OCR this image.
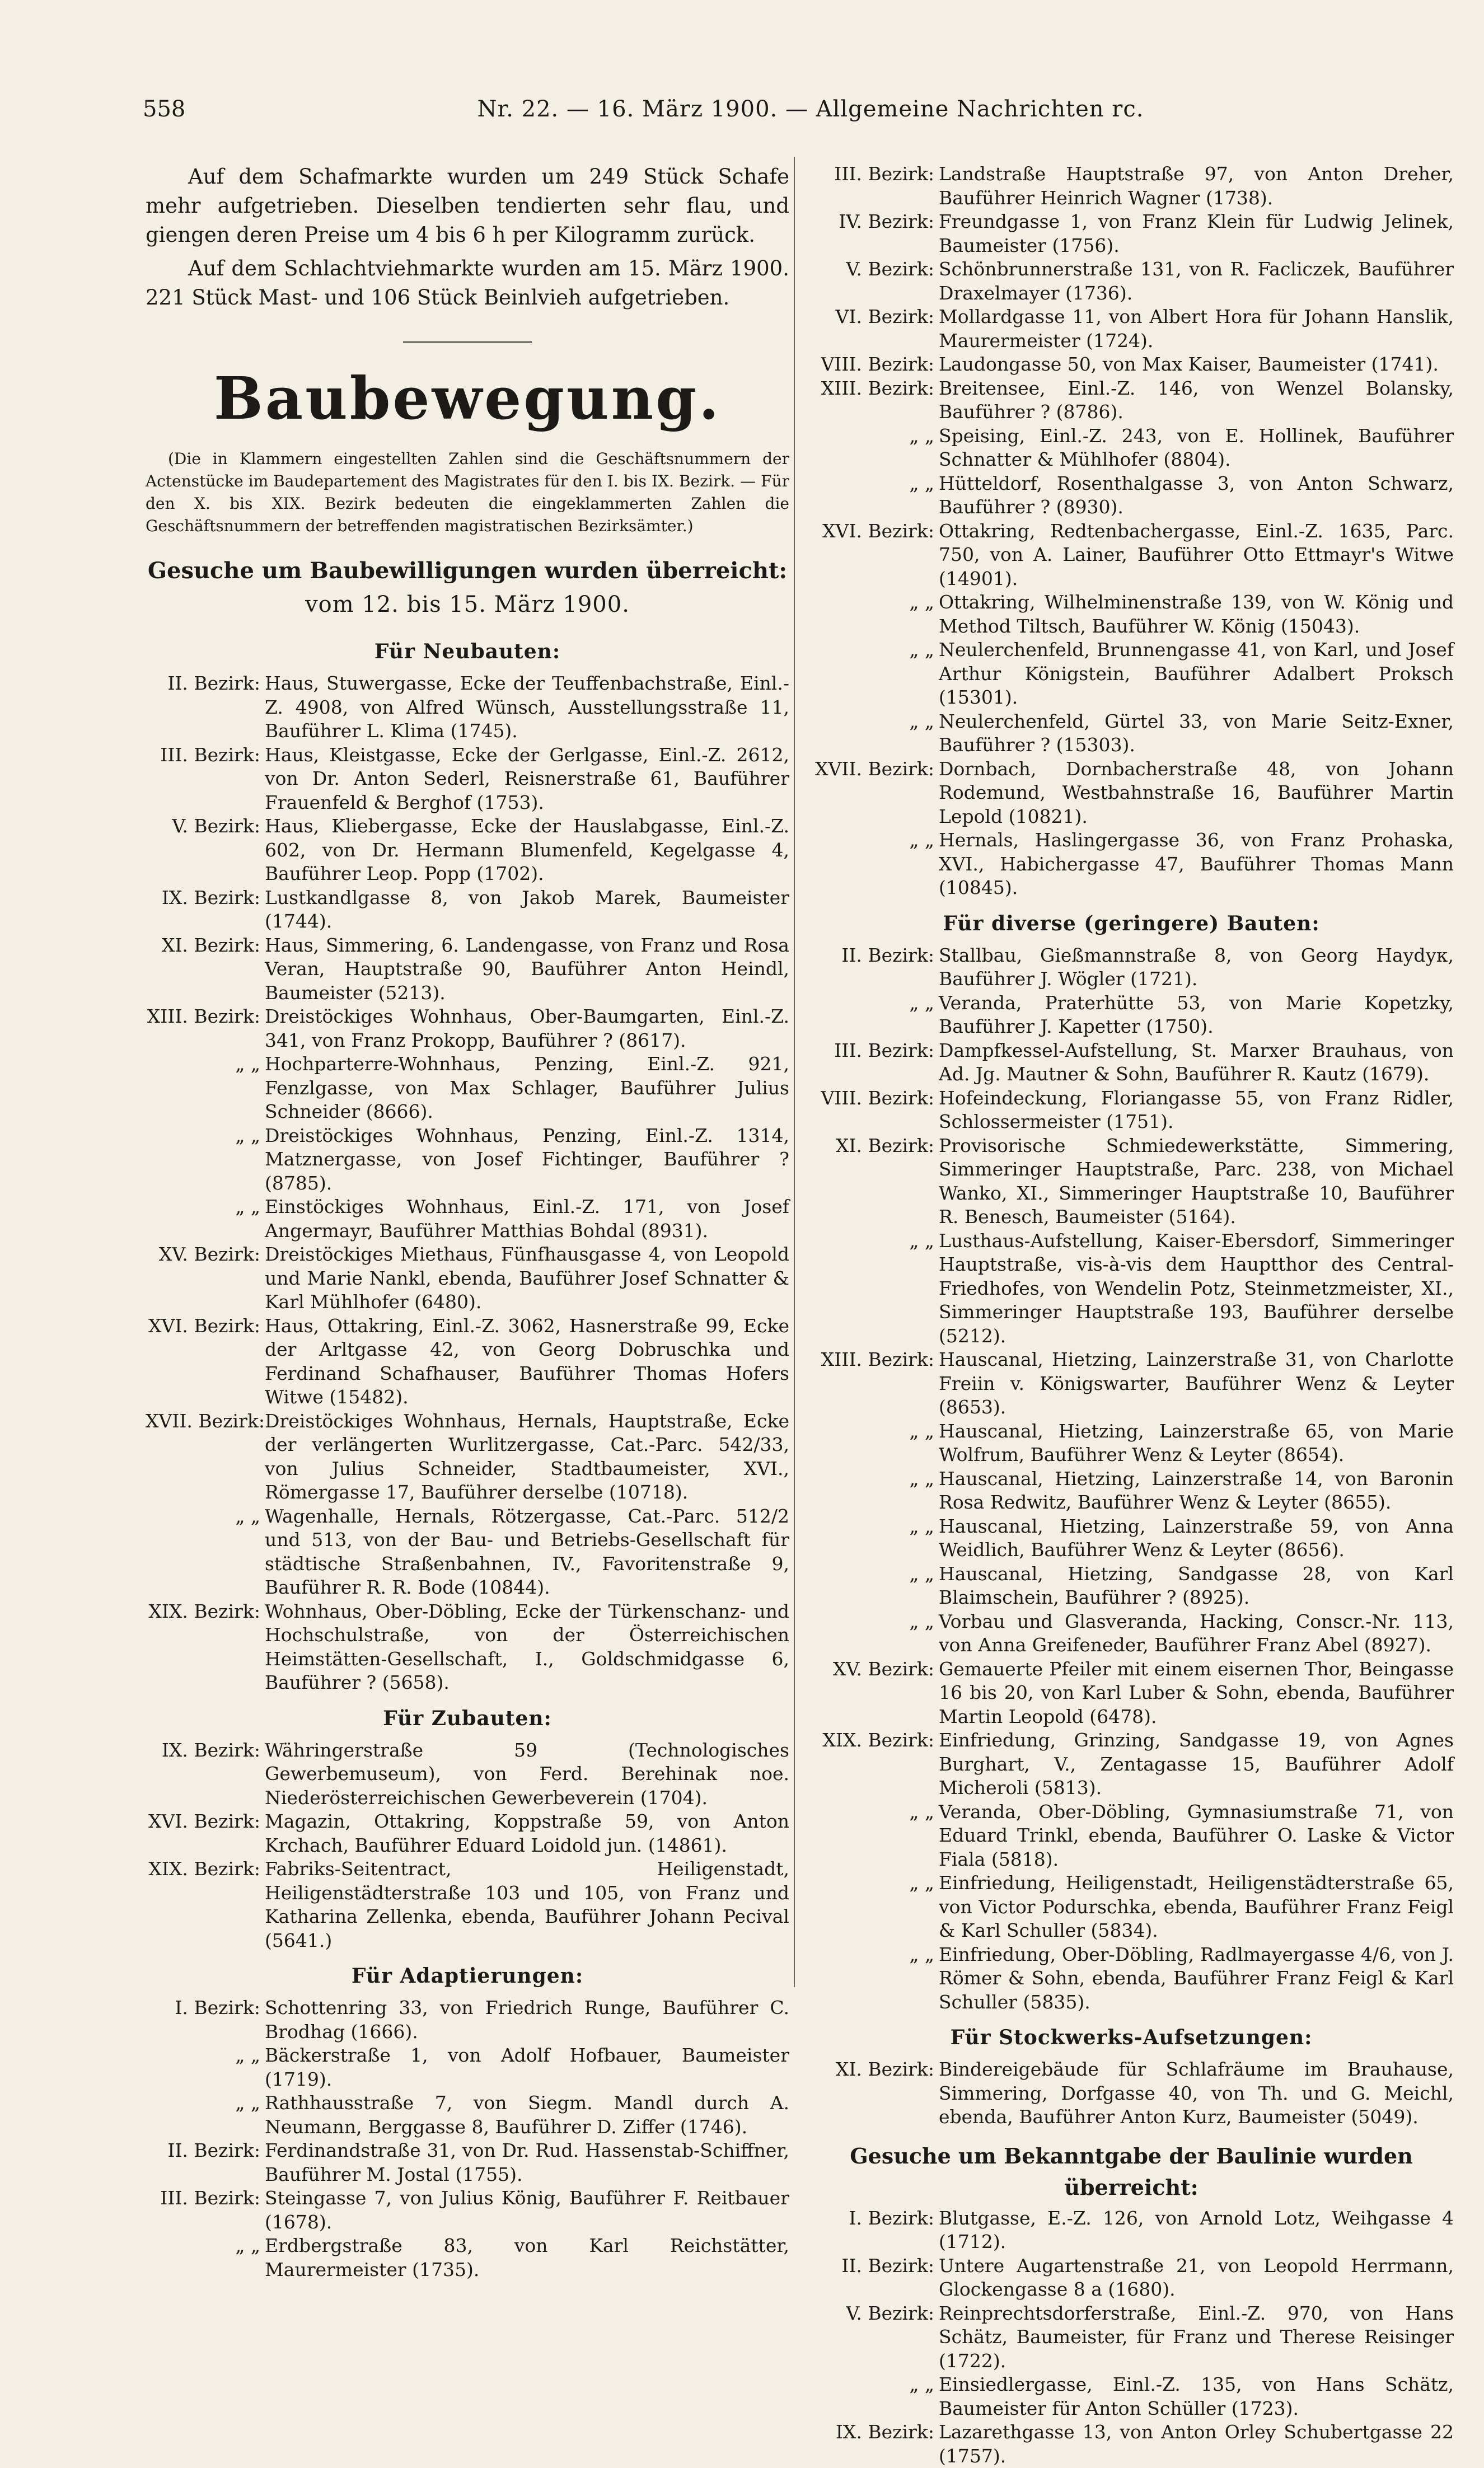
558	Nr. 22. — 16. März 1900. — Allgemeine Nachrichten rc.

Auf dem Schafmarkte wurden um 249 Stück Schafe mehr aufgetrieben. Dieselben tendierten sehr flau, und giengen deren Preise um 4 bis 6 h per Kilogramm zurück.

Auf dem Schlachtviehmarkte wurden am 15. März 1900. 221 Stück Mast- und 106 Stück Beinlvieh aufgetrieben.

Baubewegung.

(Die in Klammern eingestellten Zahlen sind die Geschäftsnummern der Actenstücke im Baudepartement des Magistrates für den I. bis IX. Bezirk. — Für den X. bis XIX. Bezirk bedeuten die eingeklammerten Zahlen die Geschäftsnummern der betreffenden magistratischen Bezirksämter.)

Gesuche um Baubewilligungen wurden überreicht:
vom 12. bis 15. März 1900.
Für Neubauten:
II. Bezirk: Haus, Stuwergasse, Ecke der Teuffenbachstraße, Einl.-Z. 4908, von Alfred Wünsch, Ausstellungsstraße 11, Bauführer L. Klima (1745).
III. Bezirk: Haus, Kleistgasse, Ecke der Gerlgasse, Einl.-Z. 2612, von Dr. Anton Sederl, Reisnerstraße 61, Bauführer Frauenfeld & Berghof (1753).
V. Bezirk: Haus, Kliebergasse, Ecke der Hauslabgasse, Einl.-Z. 602, von Dr. Hermann Blumenfeld, Kegelgasse 4, Bauführer Leop. Popp (1702).
IX. Bezirk: Lustkandlgasse 8, von Jakob Marek, Baumeister (1744).
XI. Bezirk: Haus, Simmering, 6. Landengasse, von Franz und Rosa Veran, Hauptstraße 90, Bauführer Anton Heindl, Baumeister (5213).
XIII. Bezirk: Dreistöckiges Wohnhaus, Ober-Baumgarten, Einl.-Z. 341, von Franz Prokopp, Bauführer ? (8617).
„ „ Hochparterre-Wohnhaus, Penzing, Einl.-Z. 921, Fenzlgasse, von Max Schlager, Bauführer Julius Schneider (8666).
„ „ Dreistöckiges Wohnhaus, Penzing, Einl.-Z. 1314, Matznergasse, von Josef Fichtinger, Bauführer ? (8785).
„ „ Einstöckiges Wohnhaus, Einl.-Z. 171, von Josef Angermayr, Bauführer Matthias Bohdal (8931).
XV. Bezirk: Dreistöckiges Miethaus, Fünfhausgasse 4, von Leopold und Marie Nankl, ebenda, Bauführer Josef Schnatter & Karl Mühlhofer (6480).
XVI. Bezirk: Haus, Ottakring, Einl.-Z. 3062, Hasnerstraße 99, Ecke der Arltgasse 42, von Georg Dobruschka und Ferdinand Schafhauser, Bauführer Thomas Hofers Witwe (15482).
XVII. Bezirk: Dreistöckiges Wohnhaus, Hernals, Hauptstraße, Ecke der verlängerten Wurlitzergasse, Cat.-Parc. 542/33, von Julius Schneider, Stadtbaumeister, XVI., Römergasse 17, Bauführer derselbe (10718).
„ „ Wagenhalle, Hernals, Rötzergasse, Cat.-Parc. 512/2 und 513, von der Bau- und Betriebs-Gesellschaft für städtische Straßenbahnen, IV., Favoritenstraße 9, Bauführer R. R. Bode (10844).
XIX. Bezirk: Wohnhaus, Ober-Döbling, Ecke der Türkenschanz- und Hochschulstraße, von der Österreichischen Heimstätten-Gesellschaft, I., Goldschmidgasse 6, Bauführer ? (5658).
Für Zubauten:
IX. Bezirk: Währingerstraße 59 (Technologisches Gewerbemuseum), von Ferd. Berehinak noe. Niederösterreichischen Gewerbeverein (1704).
XVI. Bezirk: Magazin, Ottakring, Koppstraße 59, von Anton Krchach, Bauführer Eduard Loidold jun. (14861).
XIX. Bezirk: Fabriks-Seitentract, Heiligenstadt, Heiligenstädterstraße 103 und 105, von Franz und Katharina Zellenka, ebenda, Bauführer Johann Pecival (5641.)
Für Adaptierungen:
I. Bezirk: Schottenring 33, von Friedrich Runge, Bauführer C. Brodhag (1666).
„ „ Bäckerstraße 1, von Adolf Hofbauer, Baumeister (1719).
„ „ Rathhausstraße 7, von Siegm. Mandl durch A. Neumann, Berggasse 8, Bauführer D. Ziffer (1746).
II. Bezirk: Ferdinandstraße 31, von Dr. Rud. Hassenstab-Schiffner, Bauführer M. Jostal (1755).
III. Bezirk: Steingasse 7, von Julius König, Bauführer F. Reitbauer (1678).
„ „ Erdbergstraße 83, von Karl Reichstätter, Maurermeister (1735).
III. Bezirk: Landstraße Hauptstraße 97, von Anton Dreher, Bauführer Heinrich Wagner (1738).
IV. Bezirk: Freundgasse 1, von Franz Klein für Ludwig Jelinek, Baumeister (1756).
V. Bezirk: Schönbrunnerstraße 131, von R. Facliczek, Bauführer Draxelmayer (1736).
VI. Bezirk: Mollardgasse 11, von Albert Hora für Johann Hanslik, Maurermeister (1724).
VIII. Bezirk: Laudongasse 50, von Max Kaiser, Baumeister (1741).
XIII. Bezirk: Breitensee, Einl.-Z. 146, von Wenzel Bolansky, Bauführer ? (8786).
„ „ Speising, Einl.-Z. 243, von E. Hollinek, Bauführer Schnatter & Mühlhofer (8804).
„ „ Hütteldorf, Rosenthalgasse 3, von Anton Schwarz, Bauführer ? (8930).
XVI. Bezirk: Ottakring, Redtenbachergasse, Einl.-Z. 1635, Parc. 750, von A. Lainer, Bauführer Otto Ettmayr's Witwe (14901).
„ „ Ottakring, Wilhelminenstraße 139, von W. König und Method Tiltsch, Bauführer W. König (15043).
„ „ Neulerchenfeld, Brunnengasse 41, von Karl, und Josef Arthur Königstein, Bauführer Adalbert Proksch (15301).
„ „ Neulerchenfeld, Gürtel 33, von Marie Seitz-Exner, Bauführer ? (15303).
XVII. Bezirk: Dornbach, Dornbacherstraße 48, von Johann Rodemund, Westbahnstraße 16, Bauführer Martin Lepold (10821).
„ „ Hernals, Haslingergasse 36, von Franz Prohaska, XVI., Habichergasse 47, Bauführer Thomas Mann (10845).
Für diverse (geringere) Bauten:
II. Bezirk: Stallbau, Gießmannstraße 8, von Georg Haydук, Bauführer J. Wögler (1721).
„ „ Veranda, Praterhütte 53, von Marie Kopetzky, Bauführer J. Kapetter (1750).
III. Bezirk: Dampfkessel-Aufstellung, St. Marxer Brauhaus, von Ad. Jg. Mautner & Sohn, Bauführer R. Kautz (1679).
VIII. Bezirk: Hofeindeckung, Floriangasse 55, von Franz Ridler, Schlossermeister (1751).
XI. Bezirk: Provisorische Schmiedewerkstätte, Simmering, Simmeringer Hauptstraße, Parc. 238, von Michael Wanko, XI., Simmeringer Hauptstraße 10, Bauführer R. Benesch, Baumeister (5164).
„ „ Lusthaus-Aufstellung, Kaiser-Ebersdorf, Simmeringer Hauptstraße, vis-à-vis dem Hauptthor des Central-Friedhofes, von Wendelin Potz, Steinmetzmeister, XI., Simmeringer Hauptstraße 193, Bauführer derselbe (5212).
XIII. Bezirk: Hauscanal, Hietzing, Lainzerstraße 31, von Charlotte Freiin v. Königswarter, Bauführer Wenz & Leyter (8653).
„ „ Hauscanal, Hietzing, Lainzerstraße 65, von Marie Wolfrum, Bauführer Wenz & Leyter (8654).
„ „ Hauscanal, Hietzing, Lainzerstraße 14, von Baronin Rosa Redwitz, Bauführer Wenz & Leyter (8655).
„ „ Hauscanal, Hietzing, Lainzerstraße 59, von Anna Weidlich, Bauführer Wenz & Leyter (8656).
„ „ Hauscanal, Hietzing, Sandgasse 28, von Karl Blaimschein, Bauführer ? (8925).
„ „ Vorbau und Glasveranda, Hacking, Conscr.-Nr. 113, von Anna Greifeneder, Bauführer Franz Abel (8927).
XV. Bezirk: Gemauerte Pfeiler mit einem eisernen Thor, Beingasse 16 bis 20, von Karl Luber & Sohn, ebenda, Bauführer Martin Leopold (6478).
XIX. Bezirk: Einfriedung, Grinzing, Sandgasse 19, von Agnes Burghart, V., Zentagasse 15, Bauführer Adolf Micheroli (5813).
„ „ Veranda, Ober-Döbling, Gymnasiumstraße 71, von Eduard Trinkl, ebenda, Bauführer O. Laske & Victor Fiala (5818).
„ „ Einfriedung, Heiligenstadt, Heiligenstädterstraße 65, von Victor Podurschka, ebenda, Bauführer Franz Feigl & Karl Schuller (5834).
„ „ Einfriedung, Ober-Döbling, Radlmayergasse 4/6, von J. Römer & Sohn, ebenda, Bauführer Franz Feigl & Karl Schuller (5835).
Für Stockwerks-Aufsetzungen:
XI. Bezirk: Bindereigebäude für Schlafräume im Brauhause, Simmering, Dorfgasse 40, von Th. und G. Meichl, ebenda, Bauführer Anton Kurz, Baumeister (5049).
Gesuche um Bekanntgabe der Baulinie wurden überreicht:
I. Bezirk: Blutgasse, E.-Z. 126, von Arnold Lotz, Weihgasse 4 (1712).
II. Bezirk: Untere Augartenstraße 21, von Leopold Herrmann, Glockengasse 8 a (1680).
V. Bezirk: Reinprechtsdorferstraße, Einl.-Z. 970, von Hans Schätz, Baumeister, für Franz und Therese Reisinger (1722).
„ „ Einsiedlergasse, Einl.-Z. 135, von Hans Schätz, Baumeister für Anton Schüller (1723).
IX. Bezirk: Lazarethgasse 13, von Anton Orley Schubertgasse 22 (1757).
